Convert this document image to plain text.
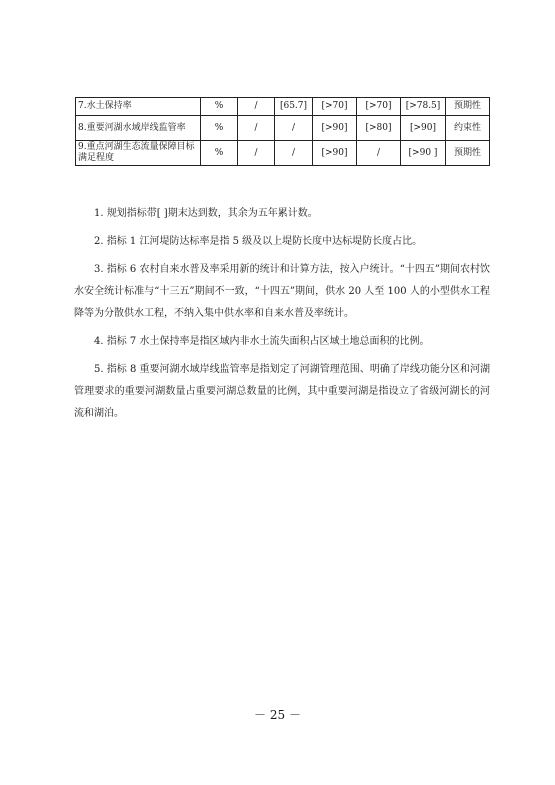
7.水土保持率	%	/	[65.7]	[>70]	[>70]	[>78.5]	预期性
8.重要河湖水域岸线监管率	%	/	/	[>90]	[>80]	[>90]	约束性
9.重点河湖生态流量保障目标满足程度	%	/	/	[>90]	/	[>90 ]	预期性

1. 规划指标带[ ]期末达到数，其余为五年累计数。

2. 指标 1 江河堤防达标率是指 5 级及以上堤防长度中达标堤防长度占比。

3. 指标 6 农村自来水普及率采用新的统计和计算方法，按入户统计。“十四五”期间农村饮水安全统计标准与“十三五”期间不一致，“十四五”期间，供水 20 人至 100 人的小型供水工程降等为分散供水工程，不纳入集中供水率和自来水普及率统计。

4. 指标 7 水土保持率是指区域内非水土流失面积占区域土地总面积的比例。

5. 指标 8 重要河湖水域岸线监管率是指划定了河湖管理范围、明确了岸线功能分区和河湖管理要求的重要河湖数量占重要河湖总数量的比例，其中重要河湖是指设立了省级河湖长的河流和湖泊。

－ 25 －
